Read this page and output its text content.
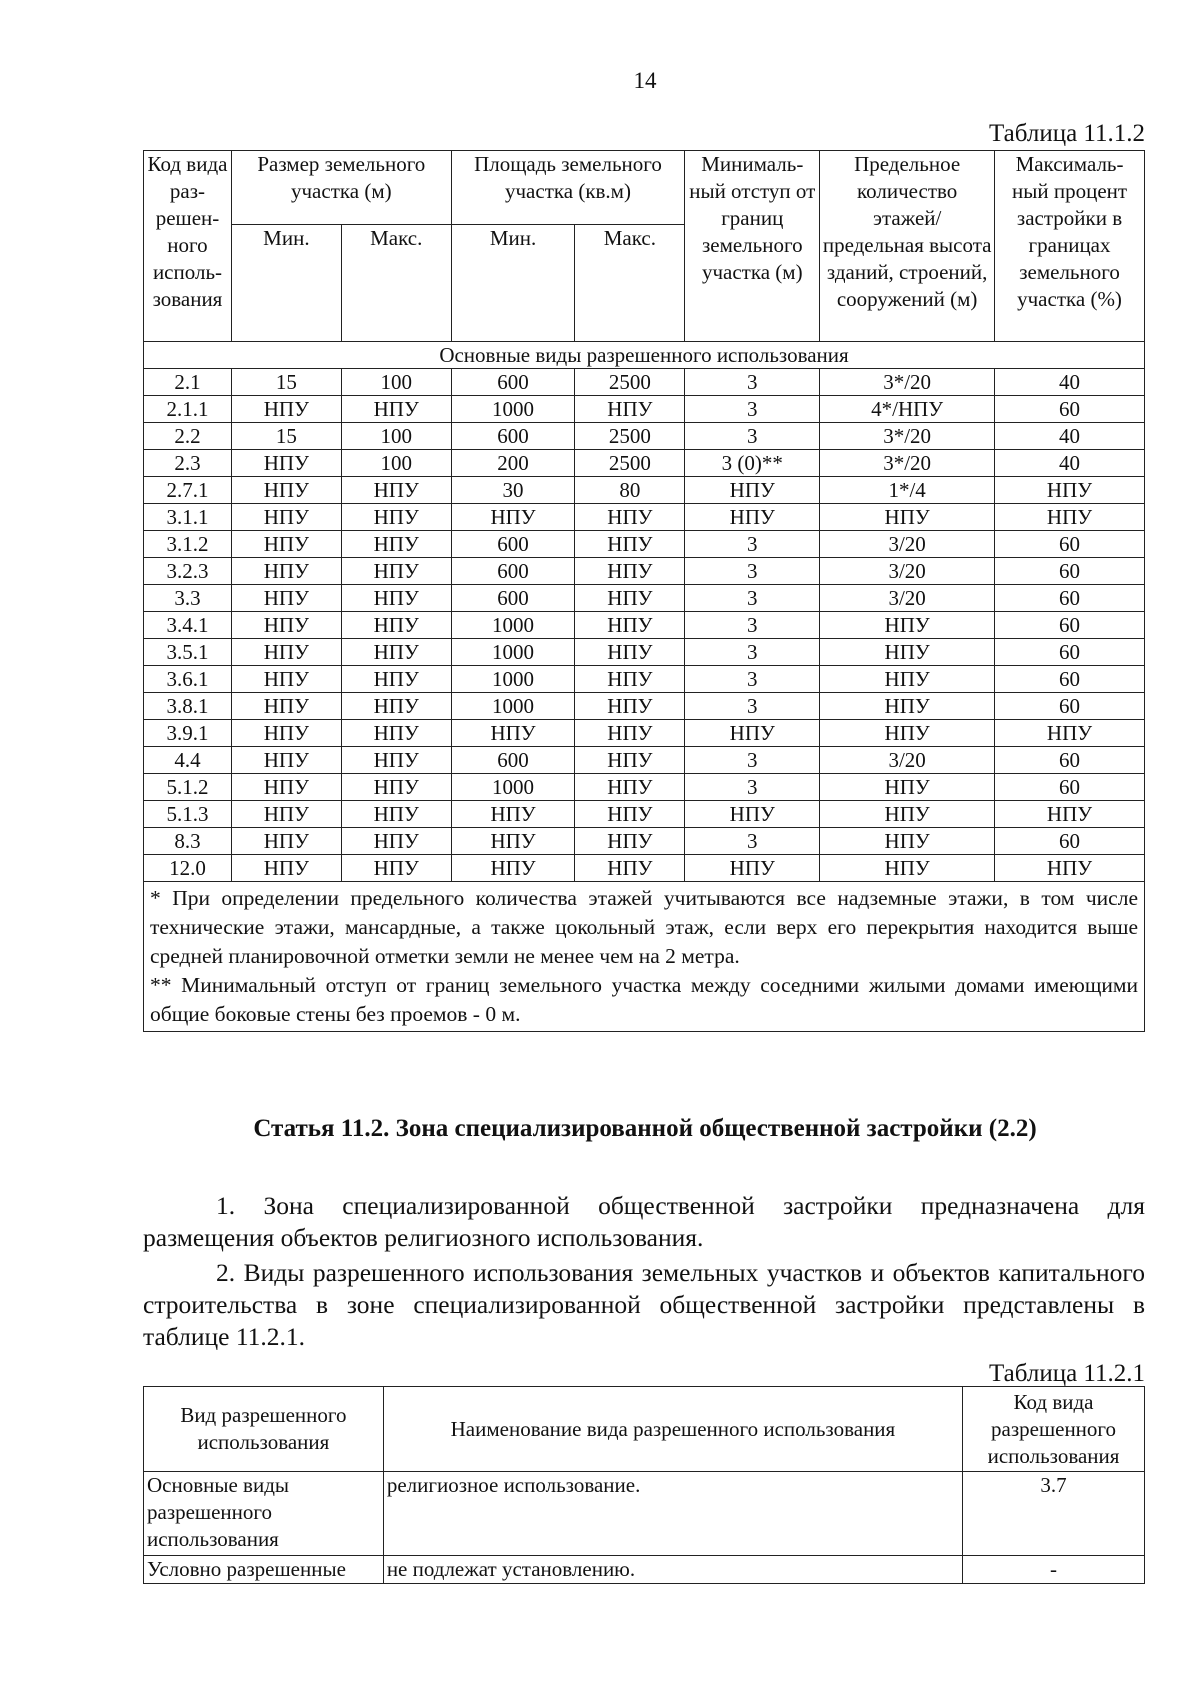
14
Таблица 11.1.2
Код вида раз- решен- ного исполь- зования	Размер земельного участка (м)		Площадь земельного участка (кв.м)		Минималь- ный отступ от границ земельного участка (м)	Предельное количество этажей/ предельная высота зданий, строений, сооружений (м)	Максималь- ный процент застройки в границах земельного участка (%)
	Мин.	Макс.	Мин.	Макс.			
Основные виды разрешенного использования							
2.1	15	100	600	2500	3	3*/20	40
2.1.1	НПУ	НПУ	1000	НПУ	3	4*/НПУ	60
2.2	15	100	600	2500	3	3*/20	40
2.3	НПУ	100	200	2500	3 (0)**	3*/20	40
2.7.1	НПУ	НПУ	30	80	НПУ	1*/4	НПУ
3.1.1	НПУ	НПУ	НПУ	НПУ	НПУ	НПУ	НПУ
3.1.2	НПУ	НПУ	600	НПУ	3	3/20	60
3.2.3	НПУ	НПУ	600	НПУ	3	3/20	60
3.3	НПУ	НПУ	600	НПУ	3	3/20	60
3.4.1	НПУ	НПУ	1000	НПУ	3	НПУ	60
3.5.1	НПУ	НПУ	1000	НПУ	3	НПУ	60
3.6.1	НПУ	НПУ	1000	НПУ	3	НПУ	60
3.8.1	НПУ	НПУ	1000	НПУ	3	НПУ	60
3.9.1	НПУ	НПУ	НПУ	НПУ	НПУ	НПУ	НПУ
4.4	НПУ	НПУ	600	НПУ	3	3/20	60
5.1.2	НПУ	НПУ	1000	НПУ	3	НПУ	60
5.1.3	НПУ	НПУ	НПУ	НПУ	НПУ	НПУ	НПУ
8.3	НПУ	НПУ	НПУ	НПУ	3	НПУ	60
12.0	НПУ	НПУ	НПУ	НПУ	НПУ	НПУ	НПУ

* При определении предельного количества этажей учитываются все надземные этажи, в том числе технические этажи, мансардные, а также цокольный этаж, если верх его перекрытия находится выше средней планировочной отметки земли не менее чем на 2 метра.

** Минимальный отступ от границ земельного участка между соседними жилыми домами имеющими общие боковые стены без проемов - 0 м.							

Статья 11.2. Зона специализированной общественной застройки (2.2)

1. Зона специализированной общественной застройки предназначена для размещения объектов религиозного использования.

2. Виды разрешенного использования земельных участков и объектов капитального строительства в зоне специализированной общественной застройки представлены в таблице 11.2.1.

Таблица 11.2.1
Вид разрешенного использования	Наименование вида разрешенного использования	Код вида разрешенного использования
Основные виды разрешенного использования	религиозное использование.	3.7
Условно разрешенные	не подлежат установлению.	-
